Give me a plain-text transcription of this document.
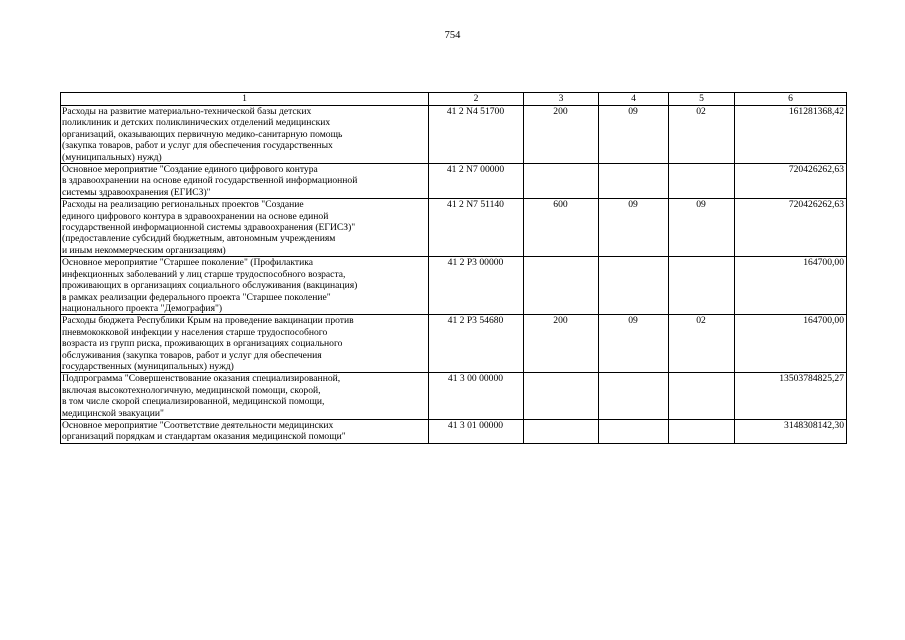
754
1	2	3	4	5	6
Расходы на развитие материально-технической базы детских
поликлиник и детских поликлинических отделений медицинских
организаций, оказывающих первичную медико-санитарную помощь
(закупка товаров, работ и услуг для обеспечения государственных
(муниципальных) нужд)	41 2 N4 51700	200	09	02	161281368,42
Основное мероприятие "Создание единого цифрового контура
в здравоохранении на основе единой государственной информационной
системы здравоохранения (ЕГИСЗ)"	41 2 N7 00000				720426262,63
Расходы на реализацию региональных проектов "Создание
единого цифрового контура в здравоохранении на основе единой
государственной информационной системы здравоохранения (ЕГИСЗ)"
(предоставление субсидий бюджетным, автономным учреждениям
и иным некоммерческим организациям)	41 2 N7 51140	600	09	09	720426262,63
Основное мероприятие "Старшее поколение" (Профилактика
инфекционных заболеваний у лиц старше трудоспособного возраста,
проживающих в организациях социального обслуживания (вакцинация)
в рамках реализации федерального проекта "Старшее поколение"
национального проекта "Демография")	41 2 P3 00000				164700,00
Расходы бюджета Республики Крым на проведение вакцинации против
пневмококковой инфекции у населения старше трудоспособного
возраста из групп риска, проживающих в организациях социального
обслуживания (закупка товаров, работ и услуг для обеспечения
государственных (муниципальных) нужд)	41 2 P3 54680	200	09	02	164700,00
Подпрограмма "Совершенствование оказания специализированной,
включая высокотехнологичную, медицинской помощи, скорой,
в том числе скорой специализированной, медицинской помощи,
медицинской эвакуации"	41 3 00 00000				13503784825,27
Основное мероприятие "Соответствие деятельности медицинских
организаций порядкам и стандартам оказания медицинской помощи"	41 3 01 00000				3148308142,30
